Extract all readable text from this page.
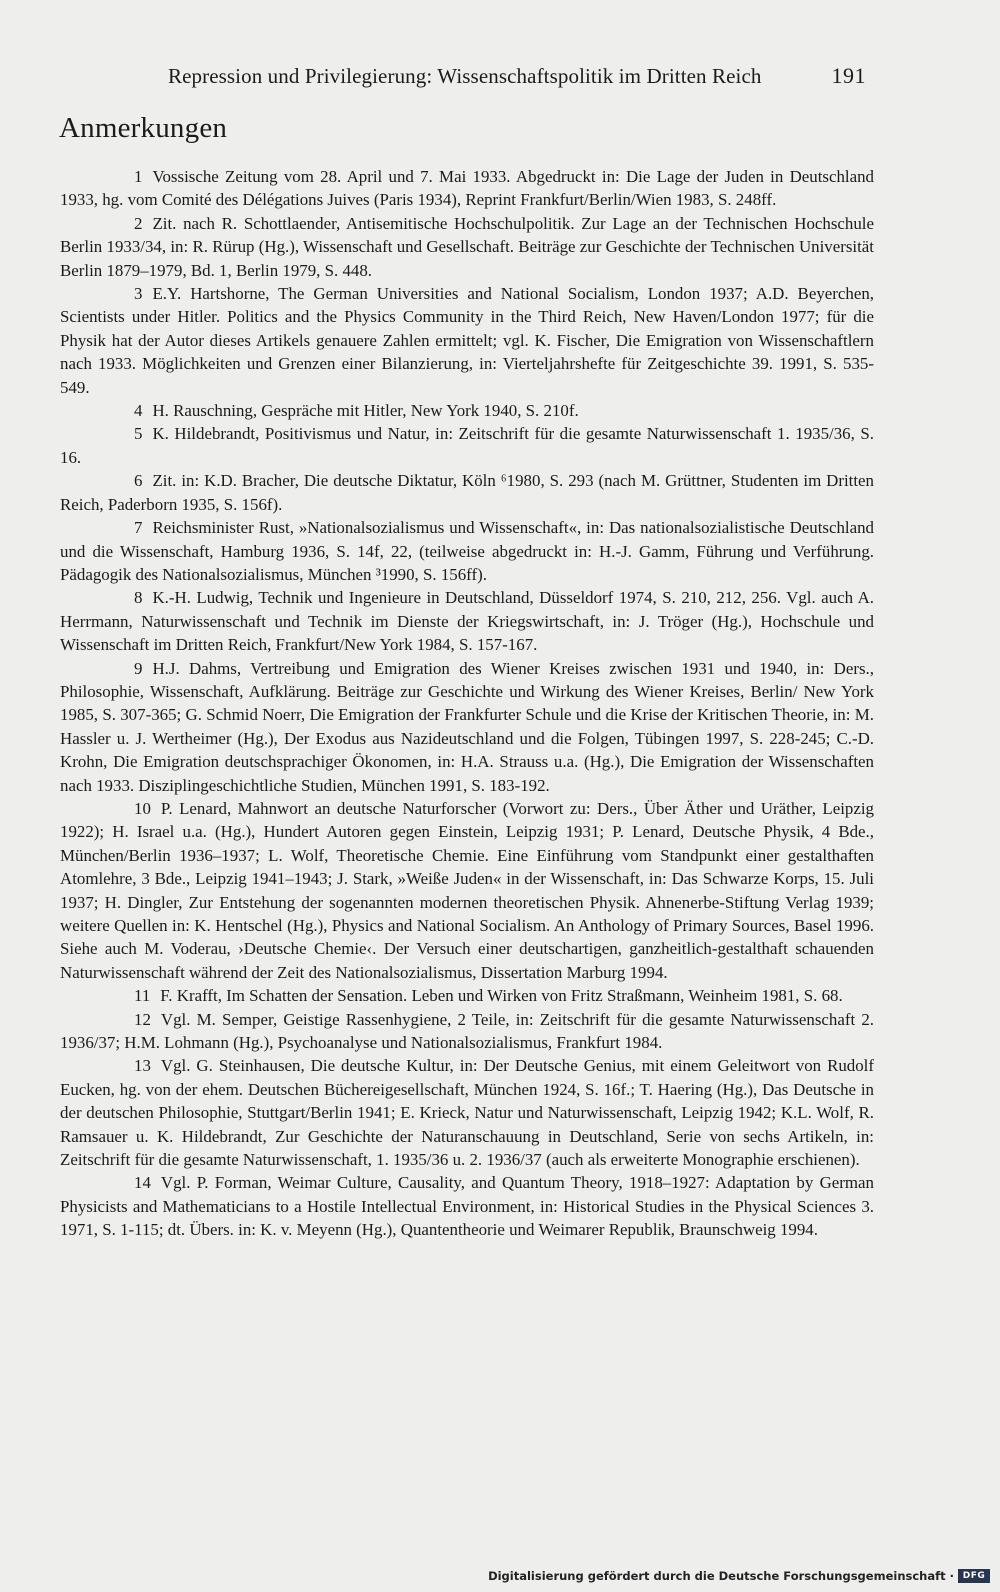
Repression und Privilegierung: Wissenschaftspolitik im Dritten Reich	191
Anmerkungen

1 Vossische Zeitung vom 28. April und 7. Mai 1933. Abgedruckt in: Die Lage der Juden in Deutschland 1933, hg. vom Comité des Délégations Juives (Paris 1934), Reprint Frankfurt/Berlin/Wien 1983, S. 248ff.

2 Zit. nach R. Schottlaender, Antisemitische Hochschulpolitik. Zur Lage an der Technischen Hochschule Berlin 1933/34, in: R. Rürup (Hg.), Wissenschaft und Gesellschaft. Beiträge zur Geschichte der Technischen Universität Berlin 1879–1979, Bd. 1, Berlin 1979, S. 448.

3 E.Y. Hartshorne, The German Universities and National Socialism, London 1937; A.D. Beyerchen, Scientists under Hitler. Politics and the Physics Community in the Third Reich, New Haven/London 1977; für die Physik hat der Autor dieses Artikels genauere Zahlen ermittelt; vgl. K. Fischer, Die Emigration von Wissenschaftlern nach 1933. Möglichkeiten und Grenzen einer Bilanzierung, in: Vierteljahrshefte für Zeitgeschichte 39. 1991, S. 535-549.

4 H. Rauschning, Gespräche mit Hitler, New York 1940, S. 210f.

5 K. Hildebrandt, Positivismus und Natur, in: Zeitschrift für die gesamte Naturwissenschaft 1. 1935/36, S. 16.

6 Zit. in: K.D. Bracher, Die deutsche Diktatur, Köln ⁶1980, S. 293 (nach M. Grüttner, Studenten im Dritten Reich, Paderborn 1935, S. 156f).

7 Reichsminister Rust, »Nationalsozialismus und Wissenschaft«, in: Das nationalsozialistische Deutschland und die Wissenschaft, Hamburg 1936, S. 14f, 22, (teilweise abgedruckt in: H.-J. Gamm, Führung und Verführung. Pädagogik des Nationalsozialismus, München ³1990, S. 156ff).

8 K.-H. Ludwig, Technik und Ingenieure in Deutschland, Düsseldorf 1974, S. 210, 212, 256. Vgl. auch A. Herrmann, Naturwissenschaft und Technik im Dienste der Kriegswirtschaft, in: J. Tröger (Hg.), Hochschule und Wissenschaft im Dritten Reich, Frankfurt/New York 1984, S. 157-167.

9 H.J. Dahms, Vertreibung und Emigration des Wiener Kreises zwischen 1931 und 1940, in: Ders., Philosophie, Wissenschaft, Aufklärung. Beiträge zur Geschichte und Wirkung des Wiener Kreises, Berlin/ New York 1985, S. 307-365; G. Schmid Noerr, Die Emigration der Frankfurter Schule und die Krise der Kritischen Theorie, in: M. Hassler u. J. Wertheimer (Hg.), Der Exodus aus Nazideutschland und die Folgen, Tübingen 1997, S. 228-245; C.-D. Krohn, Die Emigration deutschsprachiger Ökonomen, in: H.A. Strauss u.a. (Hg.), Die Emigration der Wissenschaften nach 1933. Disziplingeschichtliche Studien, München 1991, S. 183-192.

10 P. Lenard, Mahnwort an deutsche Naturforscher (Vorwort zu: Ders., Über Äther und Uräther, Leipzig 1922); H. Israel u.a. (Hg.), Hundert Autoren gegen Einstein, Leipzig 1931; P. Lenard, Deutsche Physik, 4 Bde., München/Berlin 1936–1937; L. Wolf, Theoretische Chemie. Eine Einführung vom Standpunkt einer gestalthaften Atomlehre, 3 Bde., Leipzig 1941–1943; J. Stark, »Weiße Juden« in der Wissenschaft, in: Das Schwarze Korps, 15. Juli 1937; H. Dingler, Zur Entstehung der sogenannten modernen theoretischen Physik. Ahnenerbe-Stiftung Verlag 1939; weitere Quellen in: K. Hentschel (Hg.), Physics and National Socialism. An Anthology of Primary Sources, Basel 1996. Siehe auch M. Voderau, ›Deutsche Chemie‹. Der Versuch einer deutschartigen, ganzheitlich-gestalthaft schauenden Naturwissenschaft während der Zeit des Nationalsozialismus, Dissertation Marburg 1994.

11 F. Krafft, Im Schatten der Sensation. Leben und Wirken von Fritz Straßmann, Weinheim 1981, S. 68.

12 Vgl. M. Semper, Geistige Rassenhygiene, 2 Teile, in: Zeitschrift für die gesamte Naturwissenschaft 2. 1936/37; H.M. Lohmann (Hg.), Psychoanalyse und Nationalsozialismus, Frankfurt 1984.

13 Vgl. G. Steinhausen, Die deutsche Kultur, in: Der Deutsche Genius, mit einem Geleitwort von Rudolf Eucken, hg. von der ehem. Deutschen Büchereigesellschaft, München 1924, S. 16f.; T. Haering (Hg.), Das Deutsche in der deutschen Philosophie, Stuttgart/Berlin 1941; E. Krieck, Natur und Naturwissenschaft, Leipzig 1942; K.L. Wolf, R. Ramsauer u. K. Hildebrandt, Zur Geschichte der Naturanschauung in Deutschland, Serie von sechs Artikeln, in: Zeitschrift für die gesamte Naturwissenschaft, 1. 1935/36 u. 2. 1936/37 (auch als erweiterte Monographie erschienen).

14 Vgl. P. Forman, Weimar Culture, Causality, and Quantum Theory, 1918–1927: Adaptation by German Physicists and Mathematicians to a Hostile Intellectual Environment, in: Historical Studies in the Physical Sciences 3. 1971, S. 1-115; dt. Übers. in: K. v. Meyenn (Hg.), Quantentheorie und Weimarer Republik, Braunschweig 1994.

Digitalisierung gefördert durch die Deutsche Forschungsgemeinschaft · DFG
